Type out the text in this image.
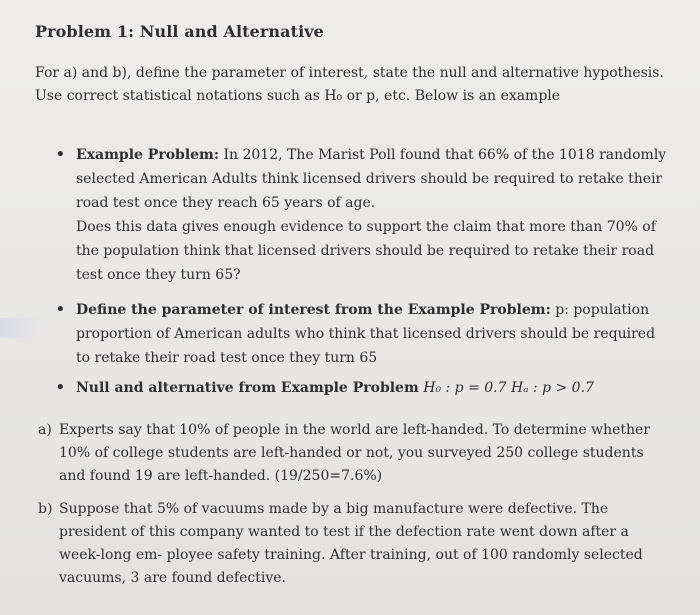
Problem 1: Null and Alternative
For a) and b), define the parameter of interest, state the null and alternative hypothesis. Use correct statistical notations such as H₀ or p, etc. Below is an example
• Example Problem: In 2012, The Marist Poll found that 66% of the 1018 randomly selected American Adults think licensed drivers should be required to retake their road test once they reach 65 years of age.
Does this data gives enough evidence to support the claim that more than 70% of the population think that licensed drivers should be required to retake their road test once they turn 65?
• Define the parameter of interest from the Example Problem: p: population proportion of American adults who think that licensed drivers should be required to retake their road test once they turn 65
• Null and alternative from Example Problem H₀ : p = 0.7 Hₐ : p > 0.7
a) Experts say that 10% of people in the world are left-handed. To determine whether 10% of college students are left-handed or not, you surveyed 250 college students and found 19 are left-handed. (19/250=7.6%)
b) Suppose that 5% of vacuums made by a big manufacture were defective. The president of this company wanted to test if the defection rate went down after a week-long em- ployee safety training. After training, out of 100 randomly selected vacuums, 3 are found defective.
